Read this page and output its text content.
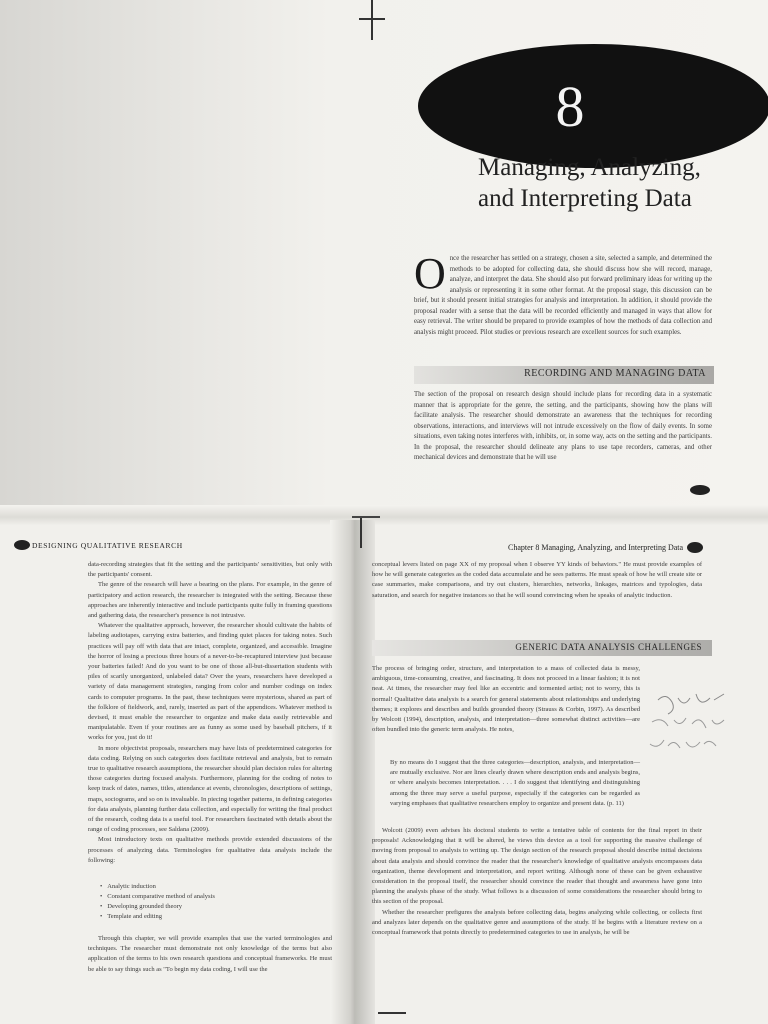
8
Managing, Analyzing,
and Interpreting Data
Once the researcher has settled on a strategy, chosen a site, selected a sample, and determined the methods to be adopted for collecting data, she should discuss how she will record, manage, analyze, and interpret the data. She should also put forward preliminary ideas for writing up the analysis or representing it in some other format. At the proposal stage, this discussion can be brief, but it should present initial strategies for analysis and interpretation. In addition, it should provide the proposal reader with a sense that the data will be recorded efficiently and managed in ways that allow for easy retrieval. The writer should be prepared to provide examples of how the methods of data collection and analysis might proceed. Pilot studies or previous research are excellent sources for such examples.
RECORDING AND MANAGING DATA
The section of the proposal on research design should include plans for recording data in a systematic manner that is appropriate for the genre, the setting, and the participants, showing how the plans will facilitate analysis. The researcher should demonstrate an awareness that the techniques for recording observations, interactions, and interviews will not intrude excessively on the flow of daily events. In some situations, even taking notes interferes with, inhibits, or, in some way, acts on the setting and the participants. In the proposal, the researcher should delineate any plans to use tape recorders, cameras, and other mechanical devices and demonstrate that he will use
DESIGNING QUALITATIVE RESEARCH

data-recording strategies that fit the setting and the participants' sensitivities, but only with the participants' consent.

The genre of the research will have a bearing on the plans. For example, in the genre of participatory and action research, the researcher is integrated with the setting. Because these approaches are inherently interactive and include participants quite fully in framing questions and gathering data, the researcher's presence is not intrusive.

Whatever the qualitative approach, however, the researcher should cultivate the habits of labeling audiotapes, carrying extra batteries, and finding quiet places for taking notes. Such practices will pay off with data that are intact, complete, organized, and accessible. Imagine the horror of losing a precious three hours of a never-to-be-recaptured interview just because your batteries failed! And do you want to be one of those all-but-dissertation students with piles of scarily unorganized, unlabeled data? Over the years, researchers have developed a variety of data management strategies, ranging from color and number codings on index cards to computer programs. In the past, these techniques were mysterious, shared as part of the folklore of fieldwork, and, rarely, inserted as part of the appendices. Whatever method is devised, it must enable the researcher to organize and make data easily retrievable and manipulatable. Even if your routines are as funny as some used by baseball pitchers, if it works for you, just do it!

In more objectivist proposals, researchers may have lists of predetermined categories for data coding. Relying on such categories does facilitate retrieval and analysis, but to remain true to qualitative research assumptions, the researcher should plan decision rules for altering those categories during focused analysis. Furthermore, planning for the coding of notes to keep track of dates, names, titles, attendance at events, chronologies, descriptions of settings, maps, sociograms, and so on is invaluable. In piecing together patterns, in defining categories for data analysis, planning further data collection, and especially for writing the final product of the research, coding data is a useful tool. For researchers fascinated with details about the range of coding processes, see Saldana (2009).

Most introductory texts on qualitative methods provide extended discussions of the processes of analyzing data. Terminologies for qualitative data analysis include the following:

• Analytic induction
• Constant comparative method of analysis
• Developing grounded theory
• Template and editing

Through this chapter, we will provide examples that use the varied terminologies and techniques. The researcher must demonstrate not only knowledge of the terms but also application of the terms to his own research questions and conceptual frameworks. He must be able to say things such as "To begin my data coding, I will use the

Chapter 8 Managing, Analyzing, and Interpreting Data
conceptual levers listed on page XX of my proposal when I observe YY kinds of behaviors." He must provide examples of how he will generate categories as the coded data accumulate and he sees patterns. He must speak of how he will create site or case summaries, make comparisons, and try out clusters, hierarchies, networks, linkages, matrices and typologies, data saturation, and search for negative instances so that he will sound convincing when he speaks of analytic induction.
GENERIC DATA ANALYSIS CHALLENGES
The process of bringing order, structure, and interpretation to a mass of collected data is messy, ambiguous, time-consuming, creative, and fascinating. It does not proceed in a linear fashion; it is not neat. At times, the researcher may feel like an eccentric and tormented artist; not to worry, this is normal! Qualitative data analysis is a search for general statements about relationships and underlying themes; it explores and describes and builds grounded theory (Strauss & Corbin, 1997). As described by Wolcott (1994), description, analysis, and interpretation—three somewhat distinct activities—are often bundled into the generic term analysis. He notes,
By no means do I suggest that the three categories—description, analysis, and interpretation—are mutually exclusive. Nor are lines clearly drawn where description ends and analysis begins, or where analysis becomes interpretation. . . . I do suggest that identifying and distinguishing among the three may serve a useful purpose, especially if the categories can be regarded as varying emphases that qualitative researchers employ to organize and present data. (p. 11)

Wolcott (2009) even advises his doctoral students to write a tentative table of contents for the final report in their proposals! Acknowledging that it will be altered, he views this device as a tool for supporting the massive challenge of moving from proposal to analysis to writing up. The design section of the research proposal should describe initial decisions about data analysis and should convince the reader that the researcher's knowledge of qualitative analysis encompasses data organization, theme development and interpretation, and report writing. Although none of these can be given exhaustive consideration in the proposal itself, the researcher should convince the reader that thought and awareness have gone into planning the analysis phase of the study. What follows is a discussion of some considerations the researcher should bring to this section of the proposal.

Whether the researcher prefigures the analysis before collecting data, begins analyzing while collecting, or collects first and analyzes later depends on the qualitative genre and assumptions of the study. If he begins with a literature review on a conceptual framework that points directly to predetermined categories to use in analysis, he will be
